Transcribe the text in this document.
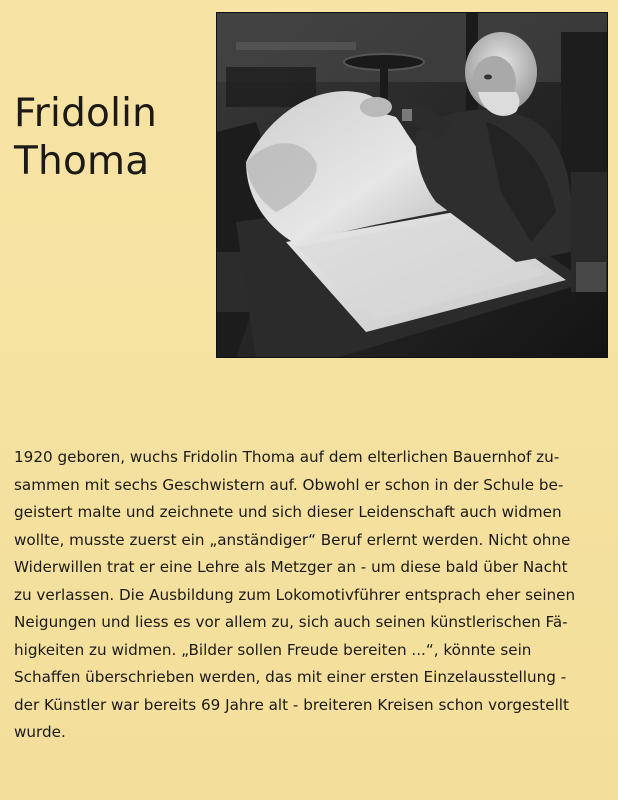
Fridolin
Thoma
1920 geboren, wuchs Fridolin Thoma auf dem elterlichen Bauernhof zu-
sammen mit sechs Geschwistern auf. Obwohl er schon in der Schule be-
geistert malte und zeichnete und sich dieser Leidenschaft auch widmen
wollte, musste zuerst ein „anständiger“ Beruf erlernt werden. Nicht ohne
Widerwillen trat er eine Lehre als Metzger an - um diese bald über Nacht
zu verlassen. Die Ausbildung zum Lokomotivführer entsprach eher seinen
Neigungen und liess es vor allem zu, sich auch seinen künstlerischen Fä-
higkeiten zu widmen. „Bilder sollen Freude bereiten ...“, könnte sein
Schaffen überschrieben werden, das mit einer ersten Einzelausstellung -
der Künstler war bereits 69 Jahre alt - breiteren Kreisen schon vorgestellt
wurde.
